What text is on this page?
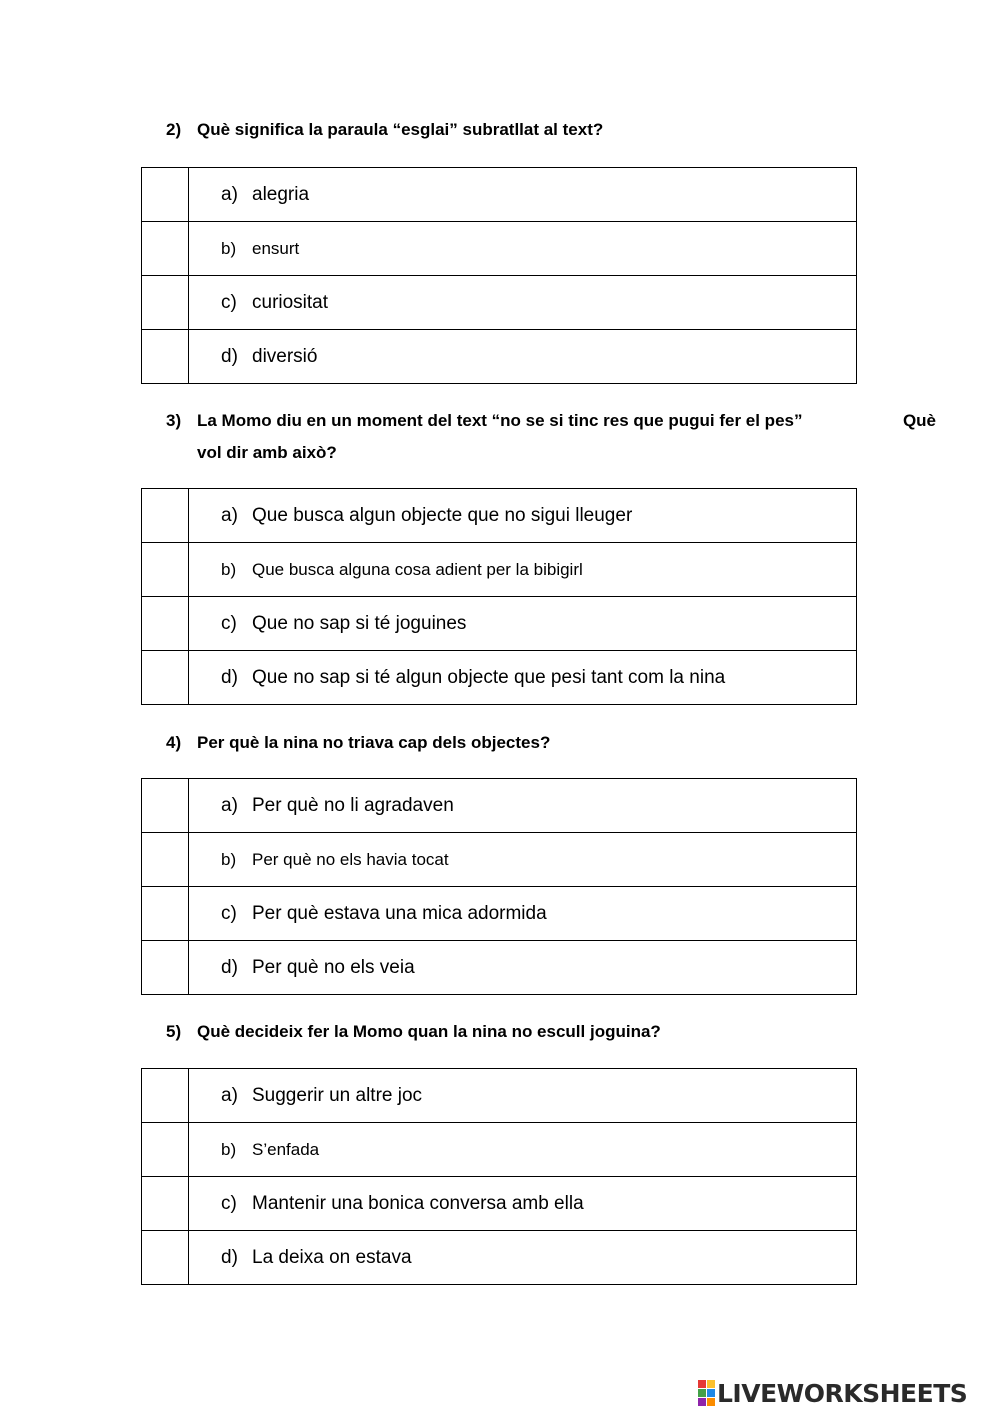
2) Què significa la paraula “esglai” subratllat al text?
	a) alegria
	b) ensurt
	c) curiositat
	d) diversió
3) La Momo diu en un moment del text “no se si tinc res que pugui fer el pes”	Què
vol dir amb això?
	a) Que busca algun objecte que no sigui lleuger
	b) Que busca alguna cosa adient per la bibigirl
	c) Que no sap si té joguines
	d) Que no sap si té algun objecte que pesi tant com la nina
4) Per què la nina no triava cap dels objectes?
	a) Per què no li agradaven
	b) Per què no els havia tocat
	c) Per què estava una mica adormida
	d) Per què no els veia
5) Què decideix fer la Momo quan la nina no escull joguina?
	a) Suggerir un altre joc
	b) S’enfada
	c) Mantenir una bonica conversa amb ella
	d) La deixa on estava
LIVEWORKSHEETS
